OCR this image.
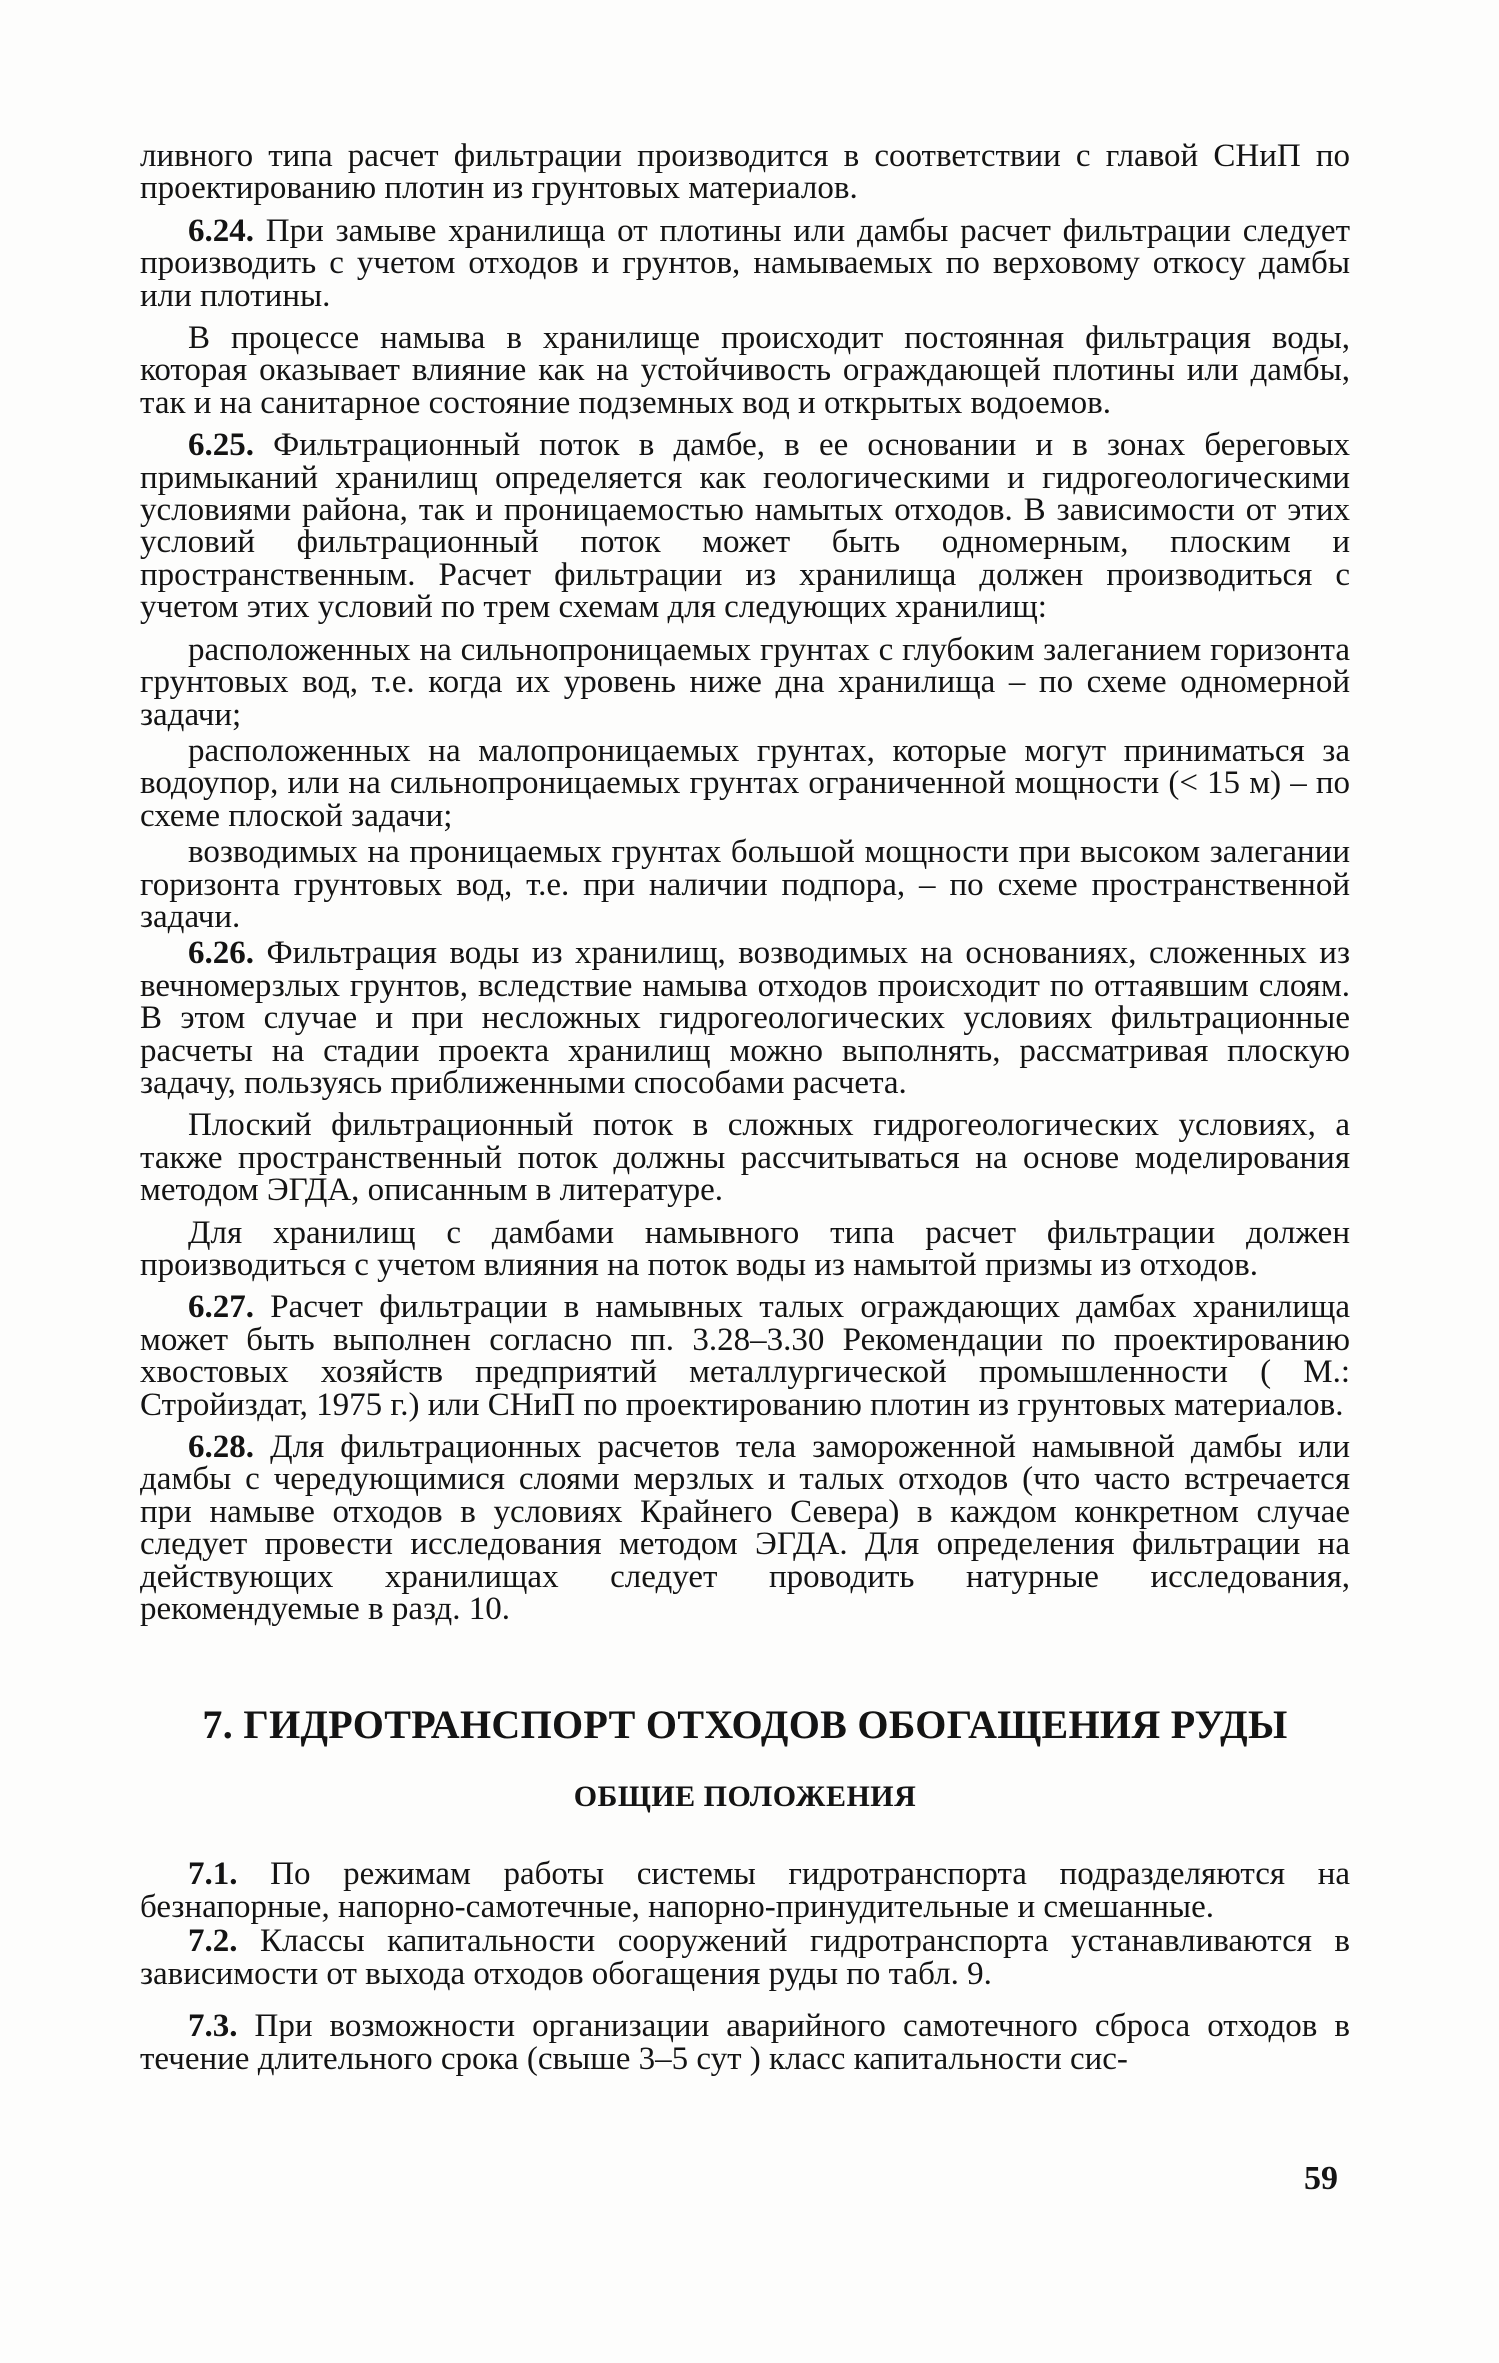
ливного типа расчет фильтрации производится в соответствии с главой СНиП по проектированию плотин из грунтовых материалов.

6.24. При замыве хранилища от плотины или дамбы расчет фильтрации следует производить с учетом отходов и грунтов, намываемых по верховому откосу дамбы или плотины.

В процессе намыва в хранилище происходит постоянная фильтрация воды, которая оказывает влияние как на устойчивость ограждающей плотины или дамбы, так и на санитарное состояние подземных вод и открытых водоемов.

6.25. Фильтрационный поток в дамбе, в ее основании и в зонах береговых примыканий хранилищ определяется как геологическими и гидрогеологическими условиями района, так и проницаемостью намытых отходов. В зависимости от этих условий фильтрационный поток может быть одномерным, плоским и пространственным. Расчет фильтрации из хранилища должен производиться с учетом этих условий по трем схемам для следующих хранилищ:

расположенных на сильнопроницаемых грунтах с глубоким залеганием горизонта грунтовых вод, т.е. когда их уровень ниже дна хранилища – по схеме одномерной задачи;

расположенных на малопроницаемых грунтах, которые могут приниматься за водоупор, или на сильнопроницаемых грунтах ограниченной мощности (< 15 м) – по схеме плоской задачи;

возводимых на проницаемых грунтах большой мощности при высоком залегании горизонта грунтовых вод, т.е. при наличии подпора, – по схеме пространственной задачи.

6.26. Фильтрация воды из хранилищ, возводимых на основаниях, сложенных из вечномерзлых грунтов, вследствие намыва отходов происходит по оттаявшим слоям. В этом случае и при несложных гидрогеологических условиях фильтрационные расчеты на стадии проекта хранилищ можно выполнять, рассматривая плоскую задачу, пользуясь приближенными способами расчета.

Плоский фильтрационный поток в сложных гидрогеологических условиях, а также пространственный поток должны рассчитываться на основе моделирования методом ЭГДА, описанным в литературе.

Для хранилищ с дамбами намывного типа расчет фильтрации должен производиться с учетом влияния на поток воды из намытой призмы из отходов.

6.27. Расчет фильтрации в намывных талых ограждающих дамбах хранилища может быть выполнен согласно пп. 3.28–3.30 Рекомендации по проектированию хвостовых хозяйств предприятий металлургической промышленности ( М.: Стройиздат, 1975 г.) или СНиП по проектированию плотин из грунтовых материалов.

6.28. Для фильтрационных расчетов тела замороженной намывной дамбы или дамбы с чередующимися слоями мерзлых и талых отходов (что часто встречается при намыве отходов в условиях Крайнего Севера) в каждом конкретном случае следует провести исследования методом ЭГДА. Для определения фильтрации на действующих хранилищах следует проводить натурные исследования, рекомендуемые в разд. 10.

7. ГИДРОТРАНСПОРТ ОТХОДОВ ОБОГАЩЕНИЯ РУДЫ
ОБЩИЕ ПОЛОЖЕНИЯ

7.1. По режимам работы системы гидротранспорта подразделяются на безнапорные, напорно-самотечные, напорно-принудительные и смешанные.

7.2. Классы капитальности сооружений гидротранспорта устанавливаются в зависимости от выхода отходов обогащения руды по табл. 9.

7.3. При возможности организации аварийного самотечного сброса отходов в течение длительного срока (свыше 3–5 сут ) класс капитальности сис-

59
